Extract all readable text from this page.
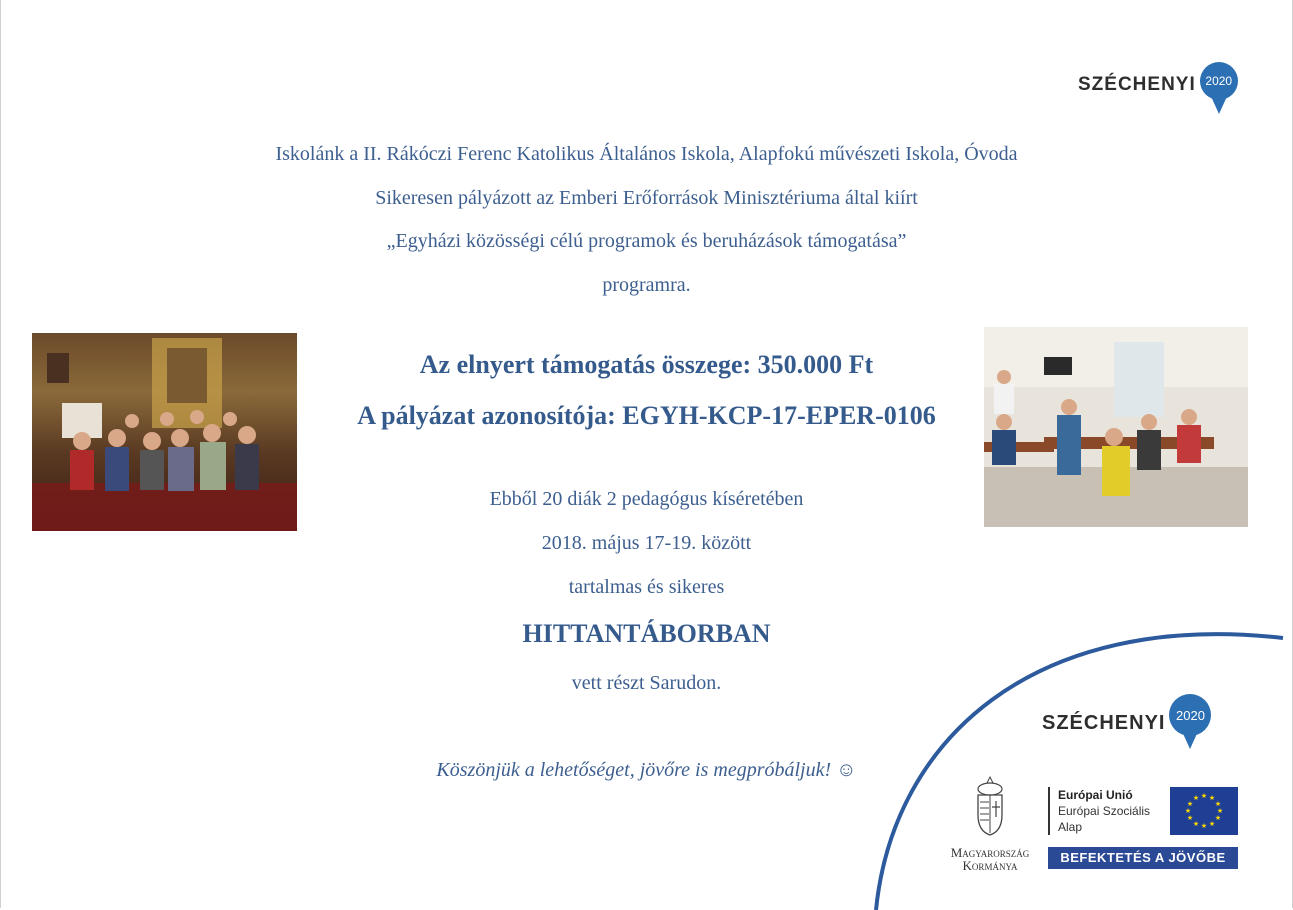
SZÉCHENYI 2020
Iskolánk a II. Rákóczi Ferenc Katolikus Általános Iskola, Alapfokú művészeti Iskola, Óvoda
Sikeresen pályázott az Emberi Erőforrások Minisztériuma által kiírt
„Egyházi közösségi célú programok és beruházások támogatása”
programra.
Az elnyert támogatás összege: 350.000 Ft
A pályázat azonosítója: EGYH-KCP-17-EPER-0106
Ebből 20 diák 2 pedagógus kíséretében
2018. május 17-19. között
tartalmas és sikeres
HITTANTÁBORBAN
vett részt Sarudon.
Köszönjük a lehetőséget, jövőre is megpróbáljuk! ☺
SZÉCHENYI 2020
Magyarország
Kormánya
Európai Unió
Európai Szociális
Alap
★ ★
★
★
★
★
★
★
★
★
★
★
BEFEKTETÉS A JÖVŐBE
